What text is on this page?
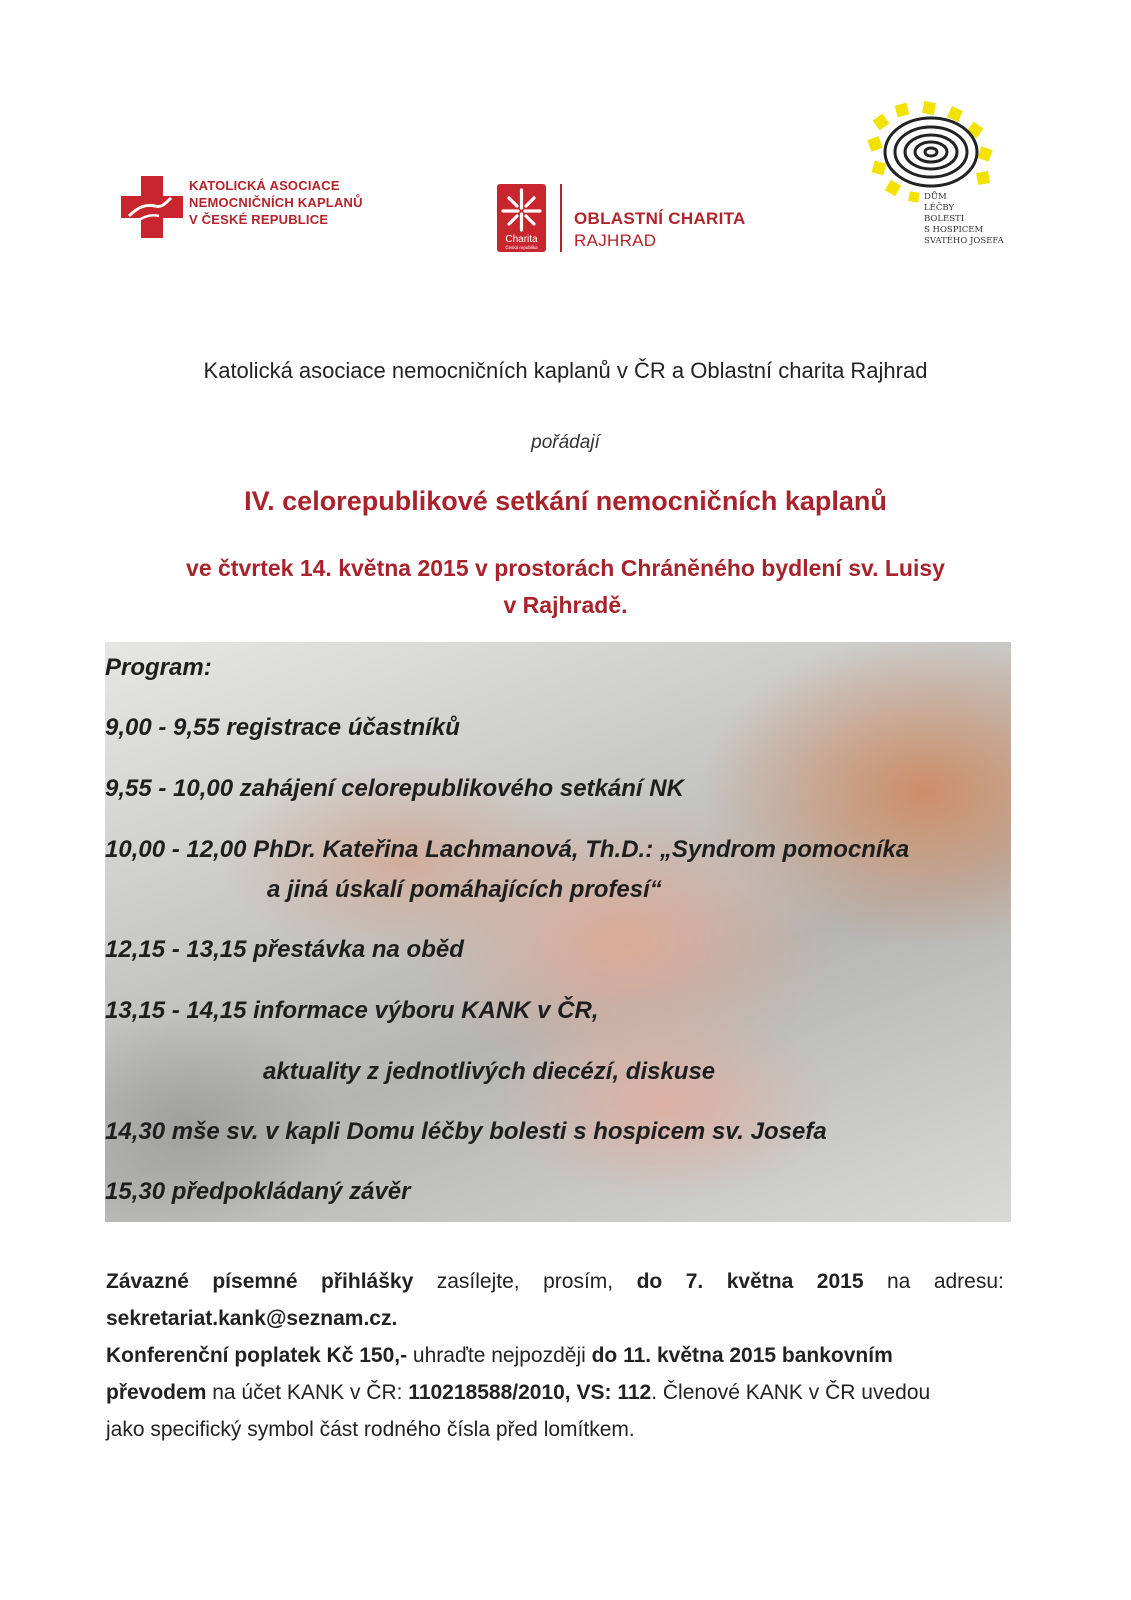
KATOLICKÁ ASOCIACE
NEMOCNIČNÍCH KAPLANŮ
V ČESKÉ REPUBLICE
Charita
Česká republika
OBLASTNÍ CHARITA
RAJHRAD
DŮM
LÉČBY
BOLESTI
S HOSPICEM
SVATÉHO JOSEFA
Katolická asociace nemocničních kaplanů v ČR a Oblastní charita Rajhrad
pořádají
IV. celorepublikové setkání nemocničních kaplanů
ve čtvrtek 14. května 2015 v prostorách Chráněného bydlení sv. Luisy
v Rajhradě.
Program:
9,00 - 9,55 registrace účastníků
9,55 - 10,00 zahájení celorepublikového setkání NK
10,00 - 12,00 PhDr. Kateřina Lachmanová, Th.D.: „Syndrom pomocníka
a jiná úskalí pomáhajících profesí“
12,15 - 13,15 přestávka na oběd
13,15 - 14,15 informace výboru KANK v ČR,
aktuality z jednotlivých diecézí, diskuse
14,30 mše sv. v kapli Domu léčby bolesti s hospicem sv. Josefa
15,30 předpokládaný závěr
Závazné písemné přihlášky zasílejte, prosím, do 7. května 2015 na adresu:
sekretariat.kank@seznam.cz.
Konferenční poplatek Kč 150,- uhraďte nejpozději do 11. května 2015 bankovním
převodem na účet KANK v ČR: 110218588/2010, VS: 112. Členové KANK v ČR uvedou
jako specifický symbol část rodného čísla před lomítkem.
